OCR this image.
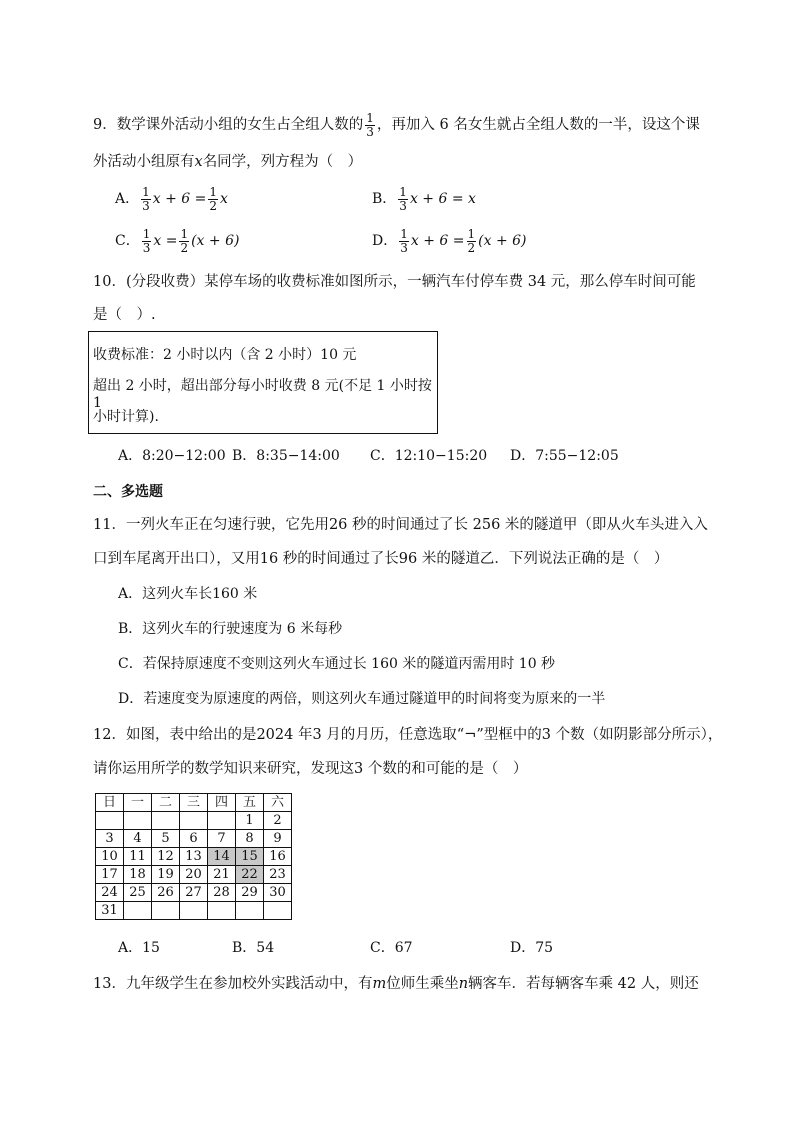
9．数学课外活动小组的女生占全组人数的 $\frac{1}{3}$ ，再加入 6 名女生就占全组人数的一半，设这个课
外活动小组原有x名同学，列方程为（　）
A． $\frac{1}{3}$ $x + 6 = \frac{1}{2}$ x	B． $\frac{1}{3}$ x + 6 = x
C． $\frac{1}{3}$ $x = \frac{1}{2} (x + 6)$	D． $\frac{1}{3}$ $x + 6 = \frac{1}{2} (x + 6)$
10．(分段收费）某停车场的收费标准如图所示，一辆汽车付停车费 34 元，那么停车时间可能
是（　）.
收费标准：2 小时以内（含 2 小时）10 元
超出 2 小时，超出部分每小时收费 8 元(不足 1 小时按 1
小时计算).
A．8:20−12:00 B．8:35−14:00 C．12:10−15:20 D．7:55−12:05
二、多选题
11．一列火车正在匀速行驶，它先用26 秒的时间通过了长 256 米的隧道甲（即从火车头进入入
口到车尾离开出口），又用16 秒的时间通过了长96 米的隧道乙．下列说法正确的是（　）
A．这列火车长160 米
B．这列火车的行驶速度为 6 米每秒
C．若保持原速度不变则这列火车通过长 160 米的隧道丙需用时 10 秒
D．若速度变为原速度的两倍，则这列火车通过隧道甲的时间将变为原来的一半
12．如图，表中给出的是2024 年3 月的月历，任意选取“¬”型框中的3 个数（如阴影部分所示），
请你运用所学的数学知识来研究，发现这3 个数的和可能的是（　）
日	一	二	三	四	五	六
					1	2
3	4	5	6	7	8	9
10	11	12	13	14	15	16
17	18	19	20	21	22	23
24	25	26	27	28	29	30
31						
A．15	B．54	C．67	D．75
13．九年级学生在参加校外实践活动中，有m位师生乘坐n辆客车．若每辆客车乘 42 人，则还
